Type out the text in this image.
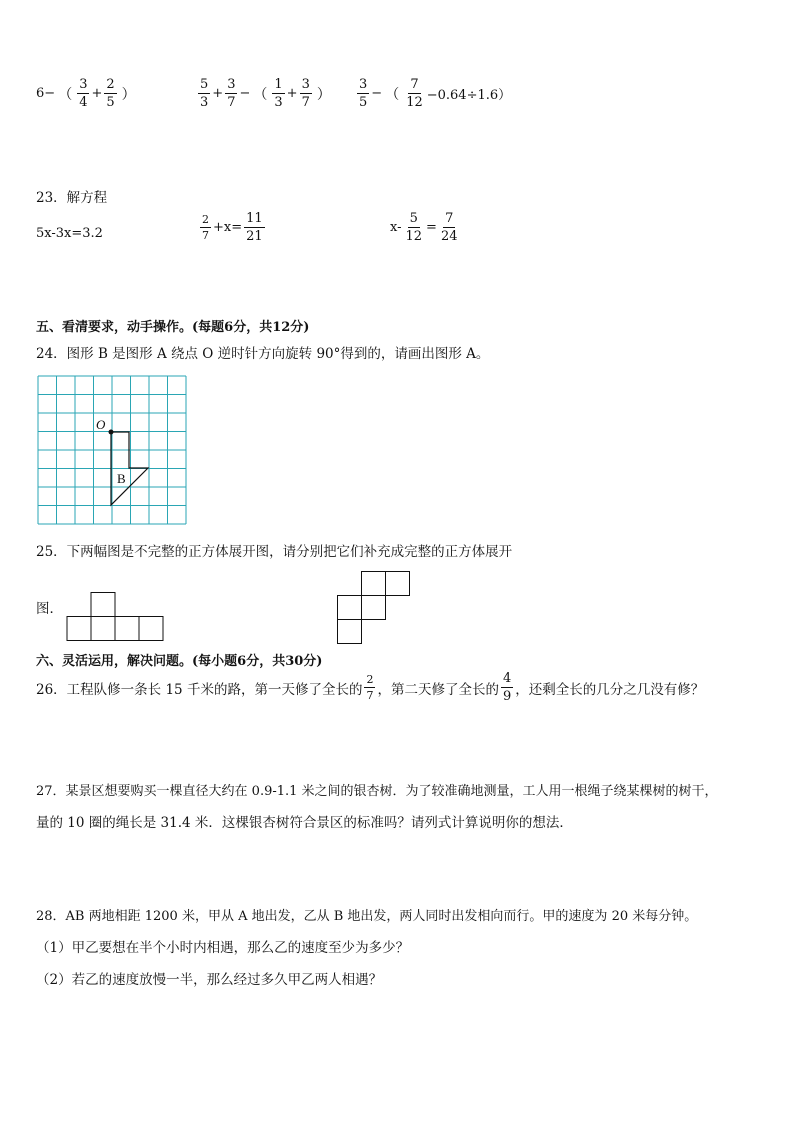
6 − （ $\frac{3}{4} + \frac{2}{5}$ ）	$\frac{5}{3} + \frac{3}{7}$ − （ $\frac{1}{3} + \frac{3}{7}$ ） $\frac{3}{5}$ − （ $\frac{7}{12} -0.64\div 1.6$）
23．解方程
5x-3x=3.2	$\frac{2}{7} +x= \frac{11}{21}$	$x- \frac{5}{12} = \frac{7}{24}$
五、看清要求，动手操作。(每题6分，共12分)
24．图形 B 是图形 A 绕点 O 逆时针方向旋转 90°得到的，请画出图形 A。
O
B
25．下两幅图是不完整的正方体展开图，请分别把它们补充成完整的正方体展开
图．
六、灵活运用，解决问题。(每小题6分，共30分)
26．工程队修一条长 15 千米的路，第一天修了全长的 $\frac{2}{7}$ ，第二天修了全长的 $\frac{4}{9}$ ，还剩全长的几分之几没有修？
27．某景区想要购买一棵直径大约在 0.9-1.1 米之间的银杏树．为了较准确地测量，工人用一根绳子绕某棵树的树干，
量的 10 圈的绳长是 31.4 米．这棵银杏树符合景区的标准吗？请列式计算说明你的想法．
28．AB 两地相距 1200 米，甲从 A 地出发，乙从 B 地出发，两人同时出发相向而行。甲的速度为 20 米每分钟。
（1）甲乙要想在半个小时内相遇，那么乙的速度至少为多少？
（2）若乙的速度放慢一半，那么经过多久甲乙两人相遇？
